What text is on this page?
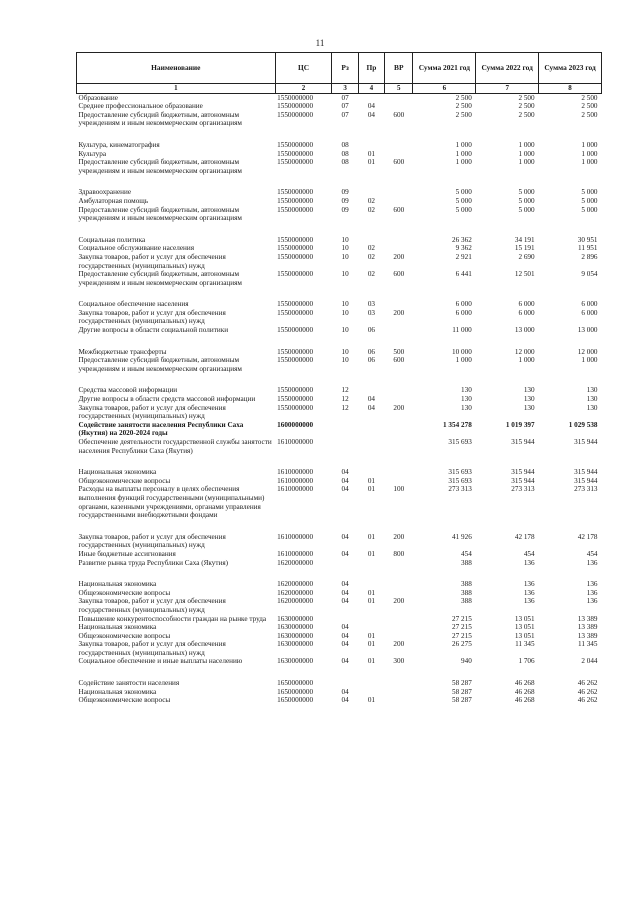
11
Наименование	ЦС	Рз	Пр	ВР	Сумма 2021 год	Сумма 2022 год	Сумма 2023 год
1	2	3	4	5	6	7	8
Образование	1550000000	07			2 500	2 500	2 500
Среднее профессиональное образование	1550000000	07	04		2 500	2 500	2 500
Предоставление субсидий бюджетным, автономным учреждениям и иным некоммерческим организациям	1550000000	07	04	600	2 500	2 500	2 500
Культура, кинематография	1550000000	08			1 000	1 000	1 000
Культура	1550000000	08	01		1 000	1 000	1 000
Предоставление субсидий бюджетным, автономным учреждениям и иным некоммерческим организациям	1550000000	08	01	600	1 000	1 000	1 000
Здравоохранение	1550000000	09			5 000	5 000	5 000
Амбулаторная помощь	1550000000	09	02		5 000	5 000	5 000
Предоставление субсидий бюджетным, автономным учреждениям и иным некоммерческим организациям	1550000000	09	02	600	5 000	5 000	5 000
Социальная политика	1550000000	10			26 362	34 191	30 951
Социальное обслуживание населения	1550000000	10	02		9 362	15 191	11 951
Закупка товаров, работ и услуг для обеспечения государственных (муниципальных) нужд	1550000000	10	02	200	2 921	2 690	2 896
Предоставление субсидий бюджетным, автономным учреждениям и иным некоммерческим организациям	1550000000	10	02	600	6 441	12 501	9 054
Социальное обеспечение населения	1550000000	10	03		6 000	6 000	6 000
Закупка товаров, работ и услуг для обеспечения государственных (муниципальных) нужд	1550000000	10	03	200	6 000	6 000	6 000
Другие вопросы в области социальной политики	1550000000	10	06		11 000	13 000	13 000
Межбюджетные трансферты	1550000000	10	06	500	10 000	12 000	12 000
Предоставление субсидий бюджетным, автономным учреждениям и иным некоммерческим организациям	1550000000	10	06	600	1 000	1 000	1 000
Средства массовой информации	1550000000	12			130	130	130
Другие вопросы в области средств массовой информации	1550000000	12	04		130	130	130
Закупка товаров, работ и услуг для обеспечения государственных (муниципальных) нужд	1550000000	12	04	200	130	130	130
Содействие занятости населения Республики Саха (Якутия) на 2020-2024 годы	1600000000				1 354 278	1 019 397	1 029 538
Обеспечение деятельности государственной службы занятости населения Республики Саха (Якутия)	1610000000				315 693	315 944	315 944
Национальная экономика	1610000000	04			315 693	315 944	315 944
Общеэкономические вопросы	1610000000	04	01		315 693	315 944	315 944
Расходы на выплаты персоналу в целях обеспечения выполнения функций государственными (муниципальными) органами, казенными учреждениями, органами управления государственными внебюджетными фондами	1610000000	04	01	100	273 313	273 313	273 313
Закупка товаров, работ и услуг для обеспечения государственных (муниципальных) нужд	1610000000	04	01	200	41 926	42 178	42 178
Иные бюджетные ассигнования	1610000000	04	01	800	454	454	454
Развитие рынка труда Республики Саха (Якутия)	1620000000				388	136	136
Национальная экономика	1620000000	04			388	136	136
Общеэкономические вопросы	1620000000	04	01		388	136	136
Закупка товаров, работ и услуг для обеспечения государственных (муниципальных) нужд	1620000000	04	01	200	388	136	136
Повышение конкурентоспособности граждан на рынке труда	1630000000				27 215	13 051	13 389
Национальная экономика	1630000000	04			27 215	13 051	13 389
Общеэкономические вопросы	1630000000	04	01		27 215	13 051	13 389
Закупка товаров, работ и услуг для обеспечения государственных (муниципальных) нужд	1630000000	04	01	200	26 275	11 345	11 345
Социальное обеспечение и иные выплаты населению	1630000000	04	01	300	940	1 706	2 044
Содействие занятости населения	1650000000				58 287	46 268	46 262
Национальная экономика	1650000000	04			58 287	46 268	46 262
Общеэкономические вопросы	1650000000	04	01		58 287	46 268	46 262
